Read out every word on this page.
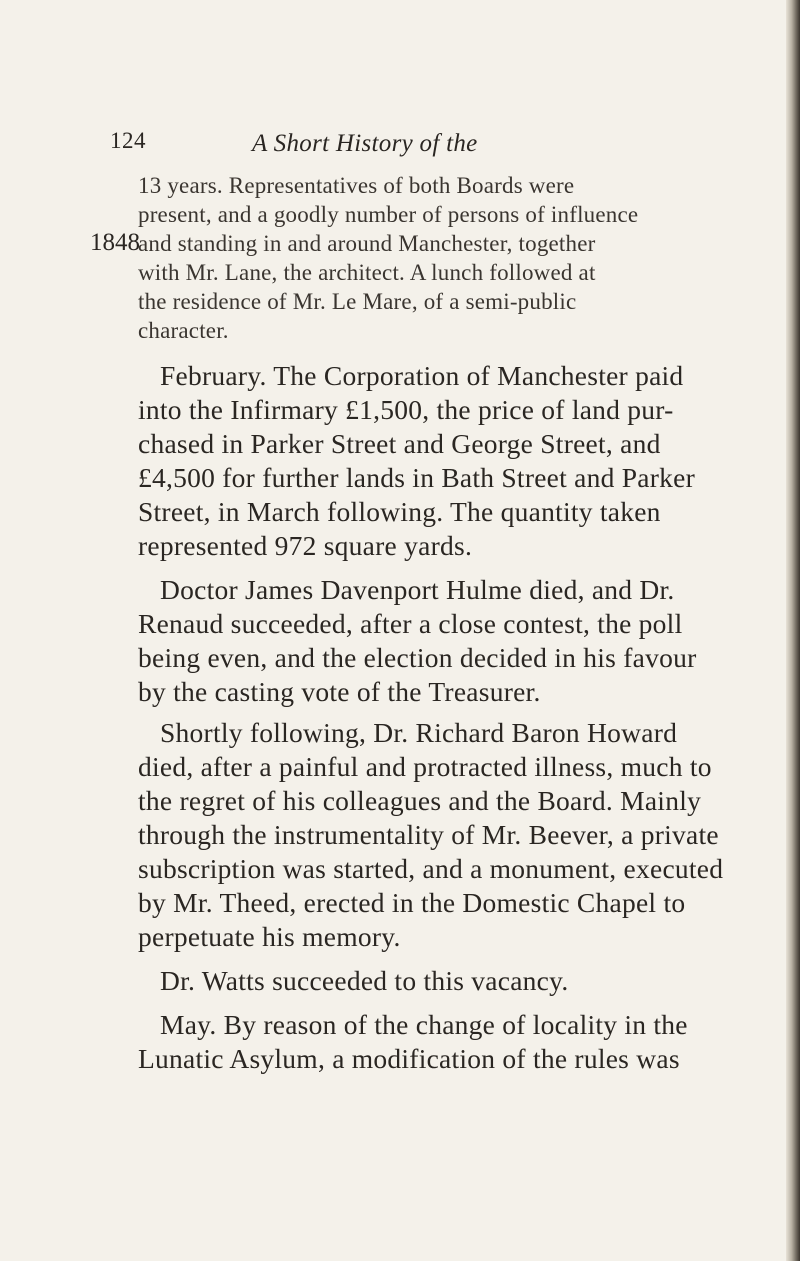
124	A Short History of the
1848
13 years. Representatives of both Boards were
present, and a goodly number of persons of influence
and standing in and around Manchester, together
with Mr. Lane, the architect. A lunch followed at
the residence of Mr. Le Mare, of a semi-public
character.
February. The Corporation of Manchester paid
into the Infirmary £1,500, the price of land pur-
chased in Parker Street and George Street, and
£4,500 for further lands in Bath Street and Parker
Street, in March following. The quantity taken
represented 972 square yards.
Doctor James Davenport Hulme died, and Dr.
Renaud succeeded, after a close contest, the poll
being even, and the election decided in his favour
by the casting vote of the Treasurer.
Shortly following, Dr. Richard Baron Howard
died, after a painful and protracted illness, much to
the regret of his colleagues and the Board. Mainly
through the instrumentality of Mr. Beever, a private
subscription was started, and a monument, executed
by Mr. Theed, erected in the Domestic Chapel to
perpetuate his memory.
Dr. Watts succeeded to this vacancy.
May. By reason of the change of locality in the
Lunatic Asylum, a modification of the rules was
